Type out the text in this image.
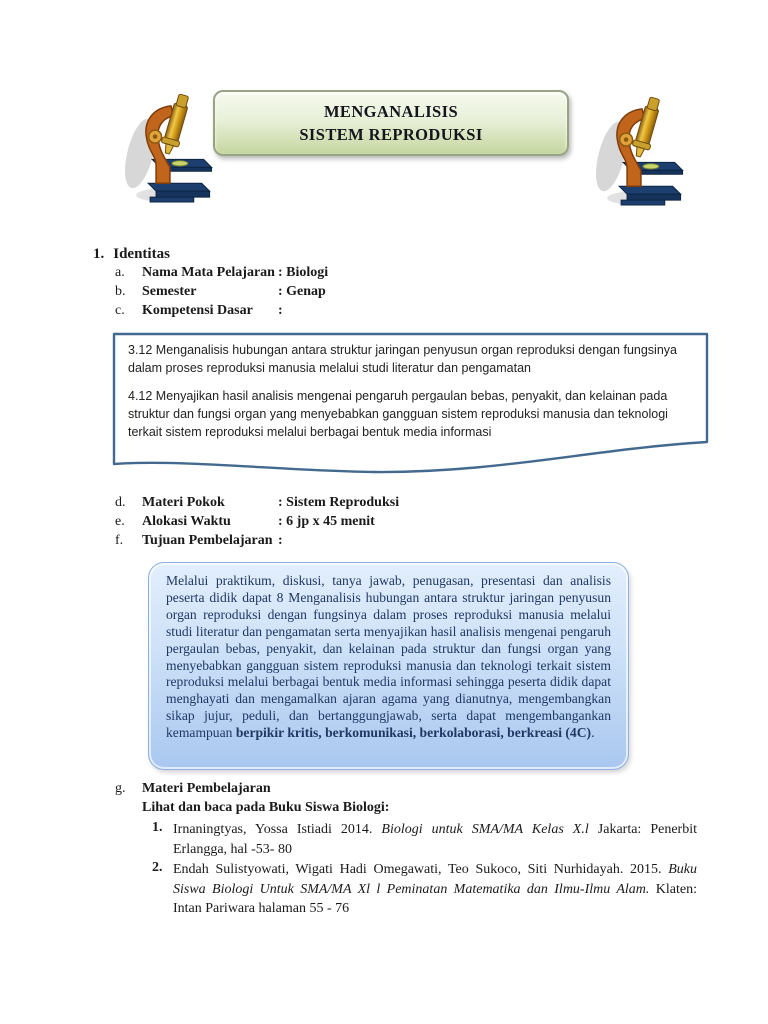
MENGANALISIS
SISTEM REPRODUKSI
1. Identitas
a. Nama Mata Pelajaran : Biologi
b. Semester	: Genap
c. Kompetensi Dasar :

3.12 Menganalisis hubungan antara struktur jaringan penyusun organ reproduksi dengan fungsinya dalam proses reproduksi manusia melalui studi literatur dan pengamatan

4.12 Menyajikan hasil analisis mengenai pengaruh pergaulan bebas, penyakit, dan kelainan pada struktur dan fungsi organ yang menyebabkan gangguan sistem reproduksi manusia dan teknologi terkait sistem reproduksi melalui berbagai bentuk media informasi

d. Materi Pokok	: Sistem Reproduksi
e. Alokasi Waktu	: 6 jp x 45 menit
f. Tujuan Pembelajaran :
Melalui praktikum, diskusi, tanya jawab, penugasan, presentasi dan analisis peserta didik dapat 8 Menganalisis hubungan antara struktur jaringan penyusun organ reproduksi dengan fungsinya dalam proses reproduksi manusia melalui studi literatur dan pengamatan serta menyajikan hasil analisis mengenai pengaruh pergaulan bebas, penyakit, dan kelainan pada struktur dan fungsi organ yang menyebabkan gangguan sistem reproduksi manusia dan teknologi terkait sistem reproduksi melalui berbagai bentuk media informasi sehingga peserta didik dapat menghayati dan mengamalkan ajaran agama yang dianutnya, mengembangkan sikap jujur, peduli, dan bertanggungjawab, serta dapat mengembangankan kemampuan berpikir kritis, berkomunikasi, berkolaborasi, berkreasi (4C).
g. Materi Pembelajaran
Lihat dan baca pada Buku Siswa Biologi:
1. Irnaningtyas, Yossa Istiadi 2014. Biologi untuk SMA/MA Kelas X.l Jakarta: Penerbit Erlangga, hal -53- 80
2. Endah Sulistyowati, Wigati Hadi Omegawati, Teo Sukoco, Siti Nurhidayah. 2015. Buku Siswa Biologi Untuk SMA/MA Xl l Peminatan Matematika dan Ilmu-Ilmu Alam. Klaten: Intan Pariwara halaman 55 - 76
